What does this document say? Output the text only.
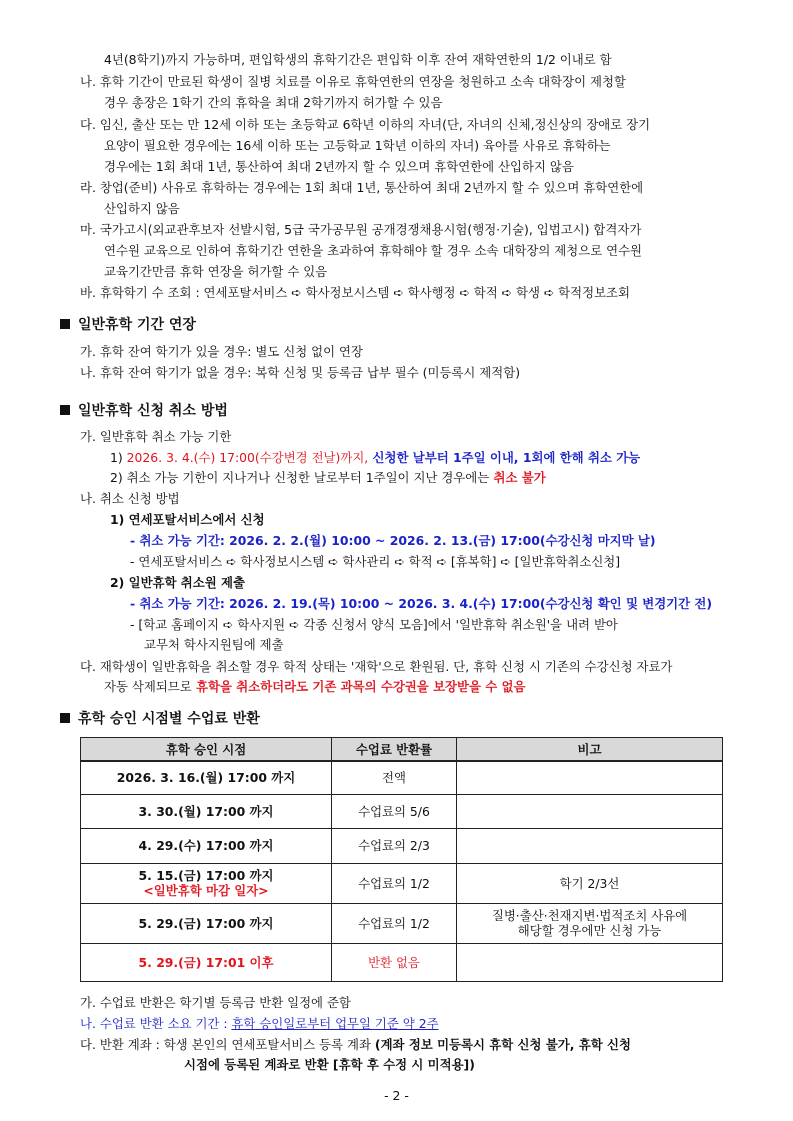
4년(8학기)까지 가능하며, 편입학생의 휴학기간은 편입학 이후 잔여 재학연한의 1/2 이내로 함
나. 휴학 기간이 만료된 학생이 질병 치료를 이유로 휴학연한의 연장을 청원하고 소속 대학장이 제청할
경우 총장은 1학기 간의 휴학을 최대 2학기까지 허가할 수 있음
다. 임신, 출산 또는 만 12세 이하 또는 초등학교 6학년 이하의 자녀(단, 자녀의 신체,정신상의 장애로 장기
요양이 필요한 경우에는 16세 이하 또는 고등학교 1학년 이하의 자녀) 육아를 사유로 휴학하는
경우에는 1회 최대 1년, 통산하여 최대 2년까지 할 수 있으며 휴학연한에 산입하지 않음
라. 창업(준비) 사유로 휴학하는 경우에는 1회 최대 1년, 통산하여 최대 2년까지 할 수 있으며 휴학연한에
산입하지 않음
마. 국가고시(외교관후보자 선발시험, 5급 국가공무원 공개경쟁채용시험(행정·기술), 입법고시) 합격자가
연수원 교육으로 인하여 휴학기간 연한을 초과하여 휴학해야 할 경우 소속 대학장의 제청으로 연수원
교육기간만큼 휴학 연장을 허가할 수 있음
바. 휴학학기 수 조회 : 연세포탈서비스 ➪ 학사정보시스템 ➪ 학사행정 ➪ 학적 ➪ 학생 ➪ 학적정보조회
일반휴학 기간 연장
가. 휴학 잔여 학기가 있을 경우: 별도 신청 없이 연장
나. 휴학 잔여 학기가 없을 경우: 복학 신청 및 등록금 납부 필수 (미등록시 제적함)
일반휴학 신청 취소 방법
가. 일반휴학 취소 가능 기한
1) 2026. 3. 4.(수) 17:00(수강변경 전날)까지, 신청한 날부터 1주일 이내, 1회에 한해 취소 가능
2) 취소 가능 기한이 지나거나 신청한 날로부터 1주일이 지난 경우에는 취소 불가
나. 취소 신청 방법
1) 연세포탈서비스에서 신청
- 취소 가능 기간: 2026. 2. 2.(월) 10:00 ~ 2026. 2. 13.(금) 17:00(수강신청 마지막 날)
- 연세포탈서비스 ➪ 학사정보시스템 ➪ 학사관리 ➪ 학적 ➪ [휴복학] ➪ [일반휴학취소신청]
2) 일반휴학 취소원 제출
- 취소 가능 기간: 2026. 2. 19.(목) 10:00 ~ 2026. 3. 4.(수) 17:00(수강신청 확인 및 변경기간 전)
- [학교 홈페이지 ➪ 학사지원 ➪ 각종 신청서 양식 모음]에서 '일반휴학 취소원'을 내려 받아
교무처 학사지원팀에 제출
다. 재학생이 일반휴학을 취소할 경우 학적 상태는 '재학'으로 환원됨. 단, 휴학 신청 시 기존의 수강신청 자료가
자동 삭제되므로 휴학을 취소하더라도 기존 과목의 수강권을 보장받을 수 없음
휴학 승인 시점별 수업료 반환
휴학 승인 시점	수업료 반환률	비고
2026. 3. 16.(월) 17:00 까지	전액	
3. 30.(월) 17:00 까지	수업료의 5/6	
4. 29.(수) 17:00 까지	수업료의 2/3	

5. 15.(금) 17:00 까지
<일반휴학 마감 일자>	수업료의 1/2	학기 2/3선
5. 29.(금) 17:00 까지	수업료의 1/2	질병·출산·천재지변·법적조치 사유에
해당할 경우에만 신청 가능

5. 29.(금) 17:01 이후	반환 없음	
가. 수업료 반환은 학기별 등록금 반환 일정에 준함
나. 수업료 반환 소요 기간 : 휴학 승인일로부터 업무일 기준 약 2주
다. 반환 계좌 : 학생 본인의 연세포탈서비스 등록 계좌 (계좌 정보 미등록시 휴학 신청 불가, 휴학 신청
시점에 등록된 계좌로 반환 [휴학 후 수정 시 미적용])
- 2 -
